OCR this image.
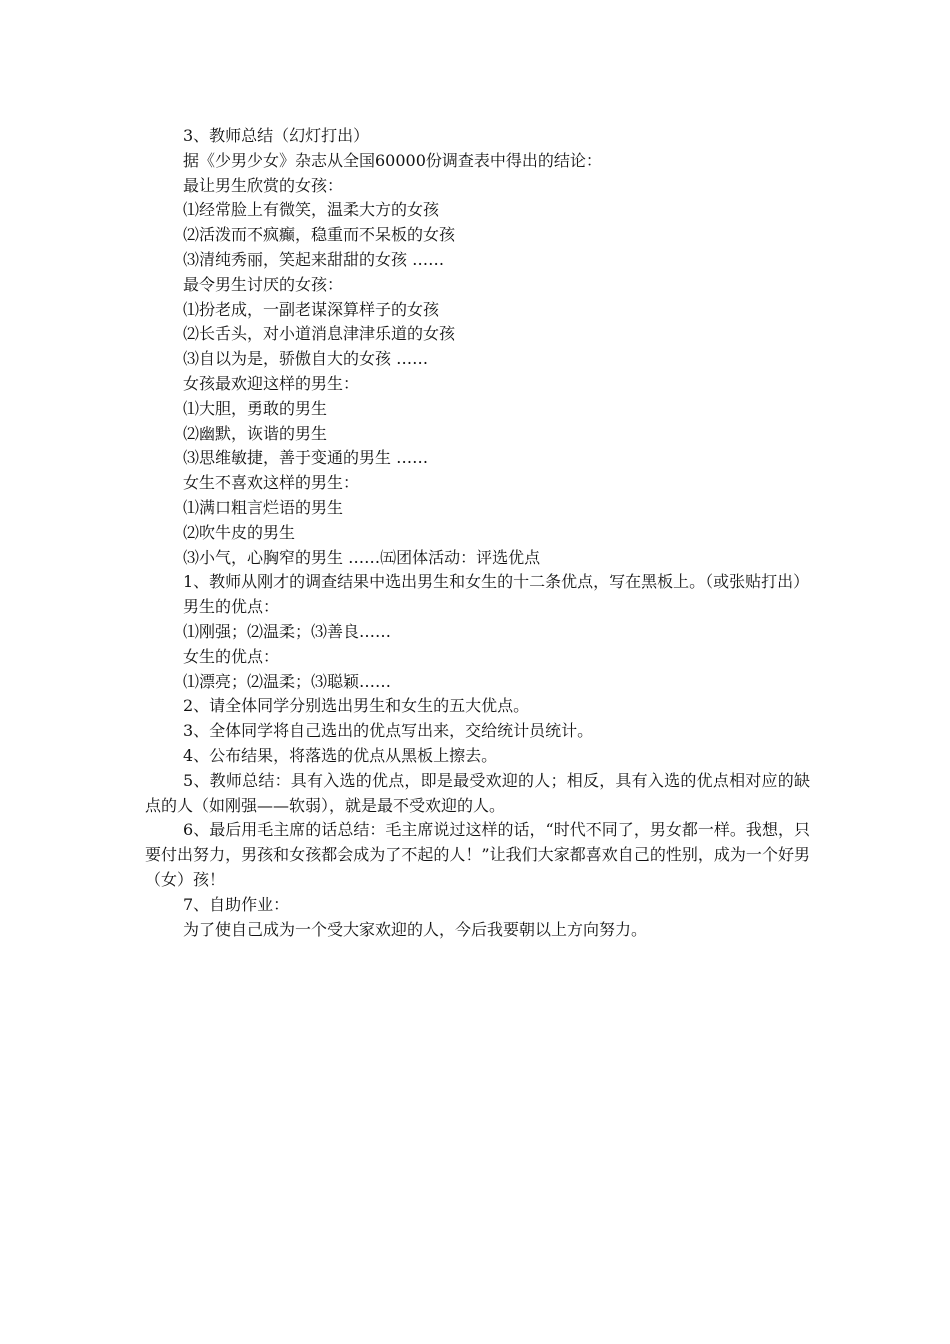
3、教师总结（幻灯打出）

据《少男少女》杂志从全国60000份调查表中得出的结论：

最让男生欣赏的女孩：

⑴经常脸上有微笑，温柔大方的女孩

⑵活泼而不疯癫，稳重而不呆板的女孩

⑶清纯秀丽，笑起来甜甜的女孩 ……

最令男生讨厌的女孩：

⑴扮老成，一副老谋深算样子的女孩

⑵长舌头，对小道消息津津乐道的女孩

⑶自以为是，骄傲自大的女孩 ……

女孩最欢迎这样的男生：

⑴大胆，勇敢的男生

⑵幽默，诙谐的男生

⑶思维敏捷，善于变通的男生 ……

女生不喜欢这样的男生：

⑴满口粗言烂语的男生

⑵吹牛皮的男生

⑶小气，心胸窄的男生 ……㈤团体活动：评选优点

1、教师从刚才的调查结果中选出男生和女生的十二条优点，写在黑板上。（或张贴打出）

男生的优点：

⑴刚强；⑵温柔；⑶善良……

女生的优点：

⑴漂亮；⑵温柔；⑶聪颖……

2、请全体同学分别选出男生和女生的五大优点。

3、全体同学将自己选出的优点写出来，交给统计员统计。

4、公布结果，将落选的优点从黑板上擦去。

5、教师总结：具有入选的优点，即是最受欢迎的人；相反，具有入选的优点相对应的缺点的人（如刚强——软弱），就是最不受欢迎的人。

6、最后用毛主席的话总结：毛主席说过这样的话，“时代不同了，男女都一样。我想，只要付出努力，男孩和女孩都会成为了不起的人！”让我们大家都喜欢自己的性别，成为一个好男（女）孩！

7、自助作业：

为了使自己成为一个受大家欢迎的人，今后我要朝以上方向努力。
